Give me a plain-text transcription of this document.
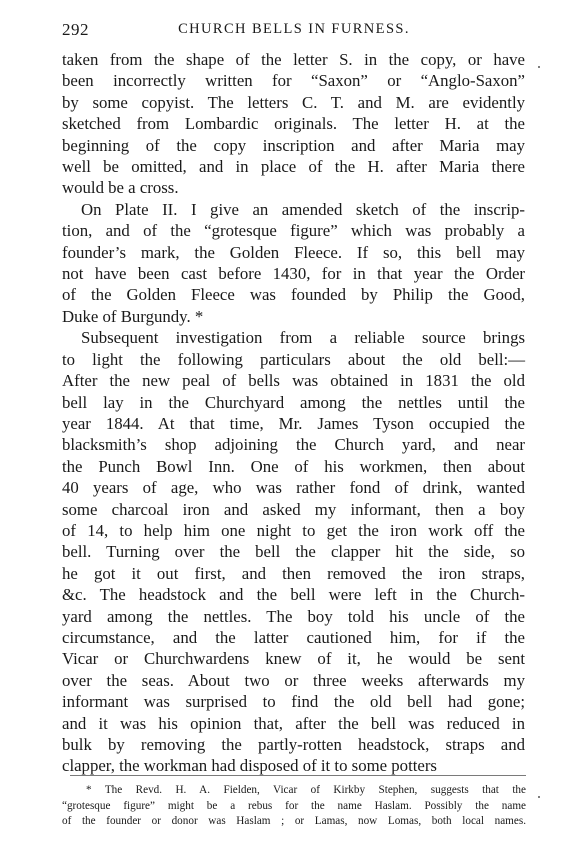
292	CHURCH BELLS IN FURNESS.

taken from the shape of the letter S. in the copy, or have
been incorrectly written for “Saxon” or “Anglo-Saxon”
by some copyist. The letters C. T. and M. are evidently
sketched from Lombardic originals. The letter H. at the
beginning of the copy inscription and after Maria may
well be omitted, and in place of the H. after Maria there
would be a cross.

On Plate II. I give an amended sketch of the inscrip-
tion, and of the “grotesque figure” which was probably a
founder’s mark, the Golden Fleece. If so, this bell may
not have been cast before 1430, for in that year the Order
of the Golden Fleece was founded by Philip the Good,
Duke of Burgundy. *

Subsequent investigation from a reliable source brings
to light the following particulars about the old bell:—
After the new peal of bells was obtained in 1831 the old
bell lay in the Churchyard among the nettles until the
year 1844. At that time, Mr. James Tyson occupied the
blacksmith’s shop adjoining the Church yard, and near
the Punch Bowl Inn. One of his workmen, then about
40 years of age, who was rather fond of drink, wanted
some charcoal iron and asked my informant, then a boy
of 14, to help him one night to get the iron work off the
bell. Turning over the bell the clapper hit the side, so
he got it out first, and then removed the iron straps,
&c. The headstock and the bell were left in the Church-
yard among the nettles. The boy told his uncle of the
circumstance, and the latter cautioned him, for if the
Vicar or Churchwardens knew of it, he would be sent
over the seas. About two or three weeks afterwards my
informant was surprised to find the old bell had gone;
and it was his opinion that, after the bell was reduced in
bulk by removing the partly-rotten headstock, straps and
clapper, the workman had disposed of it to some potters

* The Revd. H. A. Fielden, Vicar of Kirkby Stephen, suggests that the
“grotesque figure” might be a rebus for the name Haslam. Possibly the name
of the founder or donor was Haslam ; or Lamas, now Lomas, both local names.
